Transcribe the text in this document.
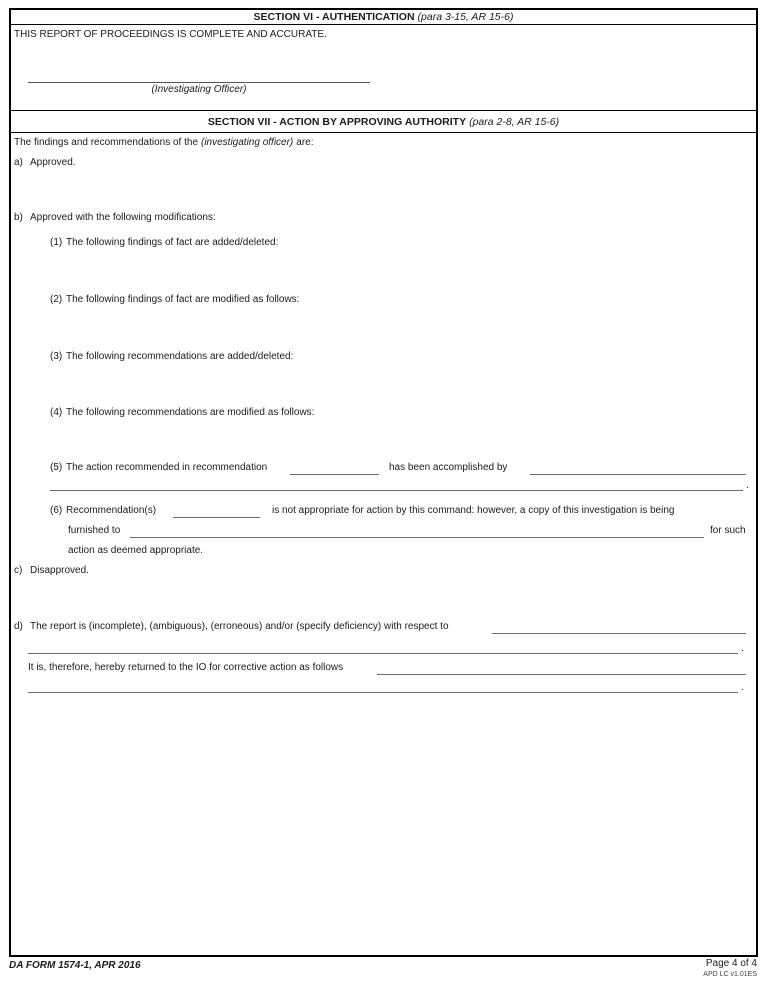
SECTION VI - AUTHENTICATION (para 3-15, AR 15-6)
THIS REPORT OF PROCEEDINGS IS COMPLETE AND ACCURATE.
(Investigating Officer)
SECTION VII - ACTION BY APPROVING AUTHORITY (para 2-8, AR 15-6)
The findings and recommendations of the (investigating officer) are:
a) Approved.
b) Approved with the following modifications:
(1) The following findings of fact are added/deleted:
(2) The following findings of fact are modified as follows:
(3) The following recommendations are added/deleted:
(4) The following recommendations are modified as follows:
(5) The action recommended in recommendation	has been accomplished by
.
(6) Recommendation(s)	is not appropriate for action by this command: however, a copy of this investigation is being
furnished to	for such
action as deemed appropriate.
c) Disapproved.
d) The report is (incomplete), (ambiguous), (erroneous) and/or (specify deficiency) with respect to
.
It is, therefore, hereby returned to the IO for corrective action as follows
.
DA FORM 1574-1, APR 2016	Page 4 of 4
APD LC v1.01ES
